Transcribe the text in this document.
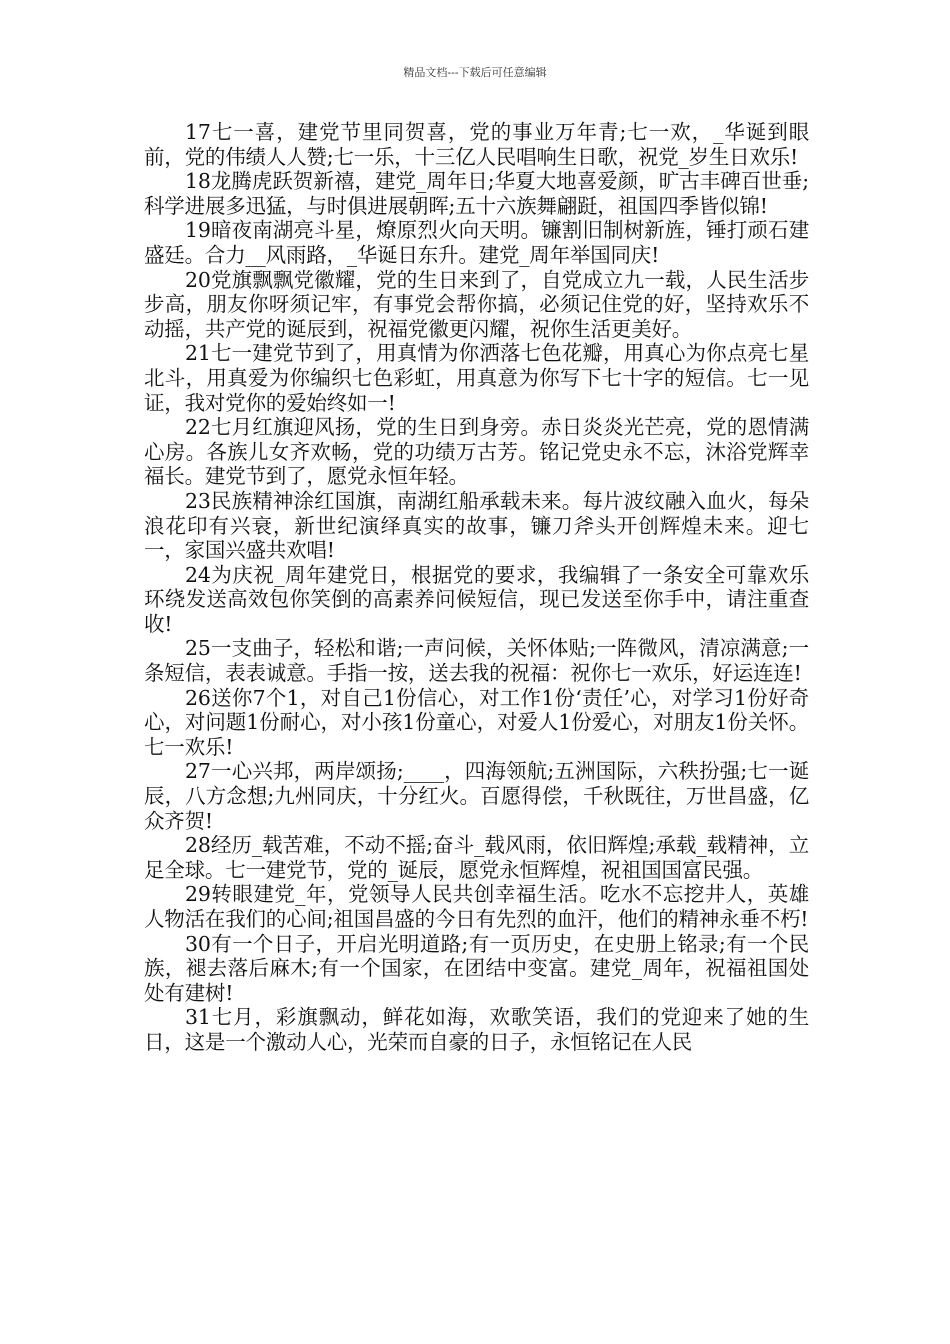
精品文档---下载后可任意编辑

17七一喜，建党节里同贺喜，党的事业万年青;七一欢，_华诞到眼前，党的伟绩人人赞;七一乐，十三亿人民唱响生日歌，祝党_岁生日欢乐!

18龙腾虎跃贺新禧，建党_周年日;华夏大地喜爱颜，旷古丰碑百世垂;科学进展多迅猛，与时俱进展朝晖;五十六族舞翩跹，祖国四季皆似锦!

19暗夜南湖亮斗星，燎原烈火向天明。镰割旧制树新旌，锤打顽石建盛廷。合力__风雨路，_华诞日东升。建党_周年举国同庆!

20党旗飘飘党徽耀，党的生日来到了，自党成立九一载，人民生活步步高，朋友你呀须记牢，有事党会帮你搞，必须记住党的好，坚持欢乐不动摇，共产党的诞辰到，祝福党徽更闪耀，祝你生活更美好。

21七一建党节到了，用真情为你洒落七色花瓣，用真心为你点亮七星北斗，用真爱为你编织七色彩虹，用真意为你写下七十字的短信。七一见证，我对党你的爱始终如一!

22七月红旗迎风扬，党的生日到身旁。赤日炎炎光芒亮，党的恩情满心房。各族儿女齐欢畅，党的功绩万古芳。铭记党史永不忘，沐浴党辉幸福长。建党节到了，愿党永恒年轻。

23民族精神涂红国旗，南湖红船承载未来。每片波纹融入血火，每朵浪花印有兴衰，新世纪演绎真实的故事，镰刀斧头开创辉煌未来。迎七一，家国兴盛共欢唱!

24为庆祝_周年建党日，根据党的要求，我编辑了一条安全可靠欢乐环绕发送高效包你笑倒的高素养问候短信，现已发送至你手中，请注重查收!

25一支曲子，轻松和谐;一声问候，关怀体贴;一阵微风，清凉满意;一条短信，表表诚意。手指一按，送去我的祝福：祝你七一欢乐，好运连连!

26送你7个1，对自己1份信心，对工作1份‘责任’心，对学习1份好奇心，对问题1份耐心，对小孩1份童心，对爱人1份爱心，对朋友1份关怀。七一欢乐!

27一心兴邦，两岸颂扬;____，四海领航;五洲国际，六秩扮强;七一诞辰，八方念想;九州同庆，十分红火。百愿得偿，千秋既往，万世昌盛，亿众齐贺!

28经历_载苦难，不动不摇;奋斗_载风雨，依旧辉煌;承载_载精神，立足全球。七一建党节，党的_诞辰，愿党永恒辉煌，祝祖国国富民强。

29转眼建党_年，党领导人民共创幸福生活。吃水不忘挖井人，英雄人物活在我们的心间;祖国昌盛的今日有先烈的血汗，他们的精神永垂不朽!

30有一个日子，开启光明道路;有一页历史，在史册上铭录;有一个民族，褪去落后麻木;有一个国家，在团结中变富。建党_周年，祝福祖国处处有建树!

31七月，彩旗飘动，鲜花如海，欢歌笑语，我们的党迎来了她的生日，这是一个激动人心，光荣而自豪的日子，永恒铭记在人民
